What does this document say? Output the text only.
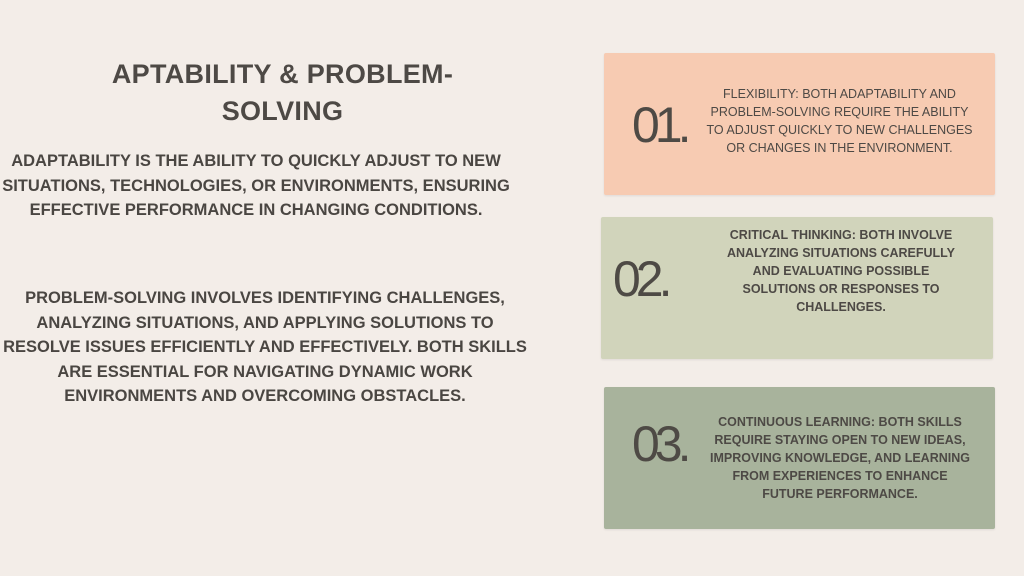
APTABILITY & PROBLEM-SOLVING
ADAPTABILITY IS THE ABILITY TO QUICKLY ADJUST TO NEW SITUATIONS, TECHNOLOGIES, OR ENVIRONMENTS, ENSURING EFFECTIVE PERFORMANCE IN CHANGING CONDITIONS.
PROBLEM-SOLVING INVOLVES IDENTIFYING CHALLENGES, ANALYZING SITUATIONS, AND APPLYING SOLUTIONS TO RESOLVE ISSUES EFFICIENTLY AND EFFECTIVELY. BOTH SKILLS ARE ESSENTIAL FOR NAVIGATING DYNAMIC WORK ENVIRONMENTS AND OVERCOMING OBSTACLES.
01.
FLEXIBILITY: BOTH ADAPTABILITY AND PROBLEM-SOLVING REQUIRE THE ABILITY TO ADJUST QUICKLY TO NEW CHALLENGES OR CHANGES IN THE ENVIRONMENT.
02.
CRITICAL THINKING: BOTH INVOLVE ANALYZING SITUATIONS CAREFULLY AND EVALUATING POSSIBLE SOLUTIONS OR RESPONSES TO CHALLENGES.
03.	CONTINUOUS LEARNING: BOTH SKILLS REQUIRE STAYING OPEN TO NEW IDEAS, IMPROVING KNOWLEDGE, AND LEARNING FROM EXPERIENCES TO ENHANCE FUTURE PERFORMANCE.
